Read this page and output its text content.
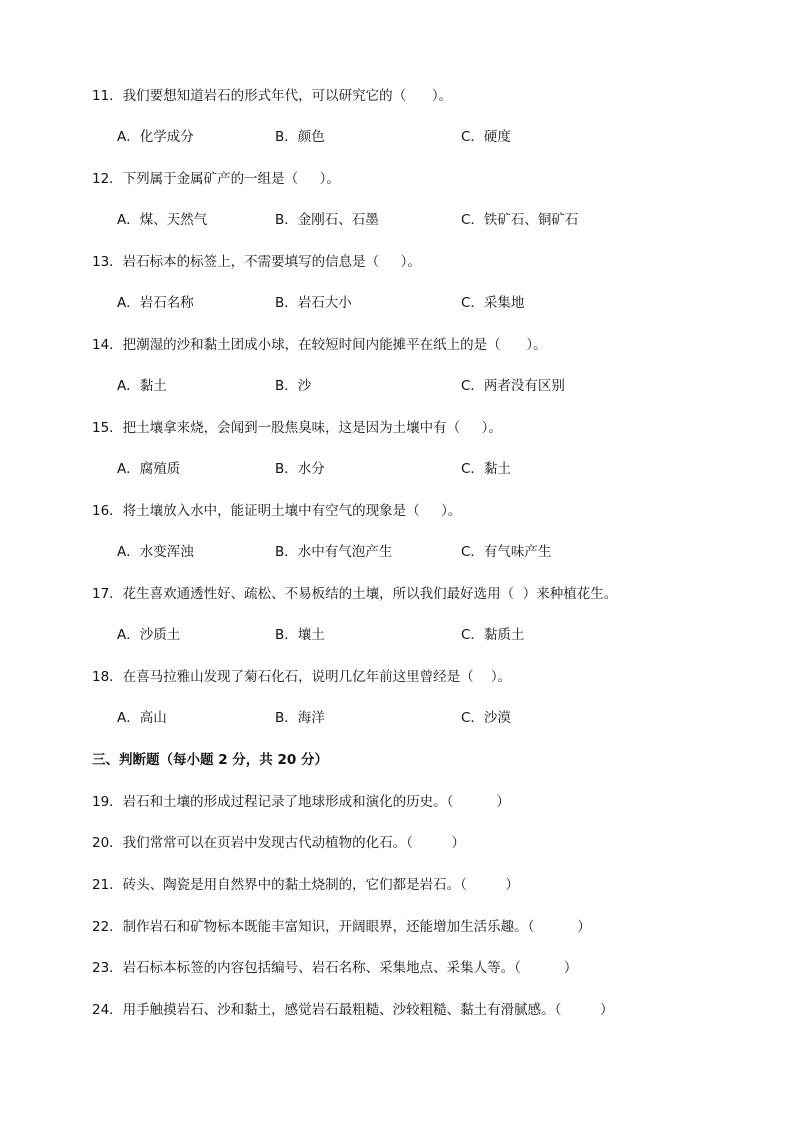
11．我们要想知道岩石的形式年代，可以研究它的（      ）。
A．化学成分	B．颜色	C．硬度
12．下列属于金属矿产的一组是（     ）。
A．煤、天然气	B．金刚石、石墨	C．铁矿石、铜矿石
13．岩石标本的标签上，不需要填写的信息是（     ）。
A．岩石名称	B．岩石大小	C．采集地
14．把潮湿的沙和黏土团成小球，在较短时间内能摊平在纸上的是（      ）。
A．黏土	B．沙	C．两者没有区别
15．把土壤拿来烧，会闻到一股焦臭味，这是因为土壤中有（     ）。
A．腐殖质	B．水分	C．黏土
16．将土壤放入水中，能证明土壤中有空气的现象是（     ）。
A．水变浑浊	B．水中有气泡产生	C．有气味产生
17．花生喜欢通透性好、疏松、不易板结的土壤，所以我们最好选用（  ）来种植花生。
A．沙质土	B．壤土	C．黏质土
18．在喜马拉雅山发现了菊石化石，说明几亿年前这里曾经是（    ）。
A．高山	B．海洋	C．沙漠
三、判断题（每小题 2 分，共 20 分）
19．岩石和土壤的形成过程记录了地球形成和演化的历史。（          ）
20．我们常常可以在页岩中发现古代动植物的化石。（         ）
21．砖头、陶瓷是用自然界中的黏土烧制的，它们都是岩石。（         ）
22．制作岩石和矿物标本既能丰富知识，开阔眼界，还能增加生活乐趣。（          ）
23．岩石标本标签的内容包括编号、岩石名称、采集地点、采集人等。（          ）
24．用手触摸岩石、沙和黏土，感觉岩石最粗糙、沙较粗糙、黏土有滑腻感。（         ）
